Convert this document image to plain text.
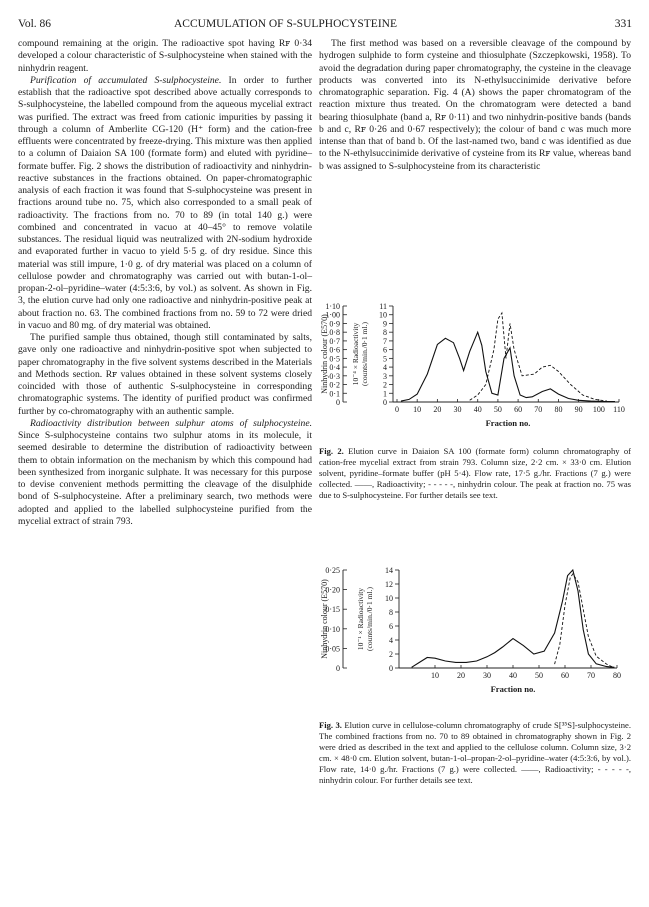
Vol. 86	ACCUMULATION OF S-SULPHOCYSTEINE	331

compound remaining at the origin. The radioactive spot having Rꜰ 0·34 developed a colour characteristic of S-sulphocysteine when stained with the ninhydrin reagent.

Purification of accumulated S-sulphocysteine. In order to further establish that the radioactive spot described above actually corresponds to S-sulphocysteine, the labelled compound from the aqueous mycelial extract was purified. The extract was freed from cationic impurities by passing it through a column of Amberlite CG-120 (H⁺ form) and the cation-free effluents were concentrated by freeze-drying. This mixture was then applied to a column of Daiaion SA 100 (formate form) and eluted with pyridine–formate buffer. Fig. 2 shows the distribution of radioactivity and ninhydrin-reactive substances in the fractions obtained. On paper-chromatographic analysis of each fraction it was found that S-sulphocysteine was present in fractions around tube no. 75, which also corresponded to a small peak of radioactivity. The fractions from no. 70 to 89 (in total 140 g.) were combined and concentrated in vacuo at 40–45° to remove volatile substances. The residual liquid was neutralized with 2N-sodium hydroxide and evaporated further in vacuo to yield 5·5 g. of dry residue. Since this material was still impure, 1·0 g. of dry material was placed on a column of cellulose powder and chromatography was carried out with butan-1-ol–propan-2-ol–pyridine–water (4:5:3:6, by vol.) as solvent. As shown in Fig. 3, the elution curve had only one radioactive and ninhydrin-positive peak at about fraction no. 63. The combined fractions from no. 59 to 72 were dried in vacuo and 80 mg. of dry material was obtained.

The purified sample thus obtained, though still contaminated by salts, gave only one radioactive and ninhydrin-positive spot when subjected to paper chromatography in the five solvent systems described in the Materials and Methods section. Rꜰ values obtained in these solvent systems closely coincided with those of authentic S-sulphocysteine in corresponding chromatographic systems. The identity of purified product was confirmed further by co-chromatography with an authentic sample.

Radioactivity distribution between sulphur atoms of sulphocysteine. Since S-sulphocysteine contains two sulphur atoms in its molecule, it seemed desirable to determine the distribution of radioactivity between them to obtain information on the mechanism by which this compound had been synthesized from inorganic sulphate. It was necessary for this purpose to devise convenient methods permitting the cleavage of the disulphide bond of S-sulphocysteine. After a preliminary search, two methods were adopted and applied to the labelled sulphocysteine purified from the mycelial extract of strain 793.

The first method was based on a reversible cleavage of the compound by hydrogen sulphide to form cysteine and thiosulphate (Szczepkowski, 1958). To avoid the degradation during paper chromatography, the cysteine in the cleavage products was converted into its N-ethylsuccinimide derivative before chromatographic separation. Fig. 4 (A) shows the paper chromatogram of the reaction mixture thus treated. On the chromatogram were detected a band bearing thiosulphate (band a, Rꜰ 0·11) and two ninhydrin-positive bands (bands b and c, Rꜰ 0·26 and 0·67 respectively); the colour of band c was much more intense than that of band b. Of the last-named two, band c was identified as due to the N-ethylsuccinimide derivative of cysteine from its Rꜰ value, whereas band b was assigned to S-sulphocysteine from its characteristic

0
0·1
0·2
0·3
0·4
0·5
0·6
0·7
0·8
0·9
1·00
1·10
Ninhydrin colour (E570)
0
1
2
3
4
5
6
7
8
9
10
11
10⁻⁴ × Radioactivity (counts/min./0·1 ml.)
0 10 20 30 40 50 60 70 80 90 100 110
Fraction no.
Fig. 2. Elution curve in Daiaion SA 100 (formate form) column chromatography of cation-free mycelial extract from strain 793. Column size, 2·2 cm. × 33·0 cm. Elution solvent, pyridine–formate buffer (pH 5·4). Flow rate, 17·5 g./hr. Fractions (7 g.) were collected. ——, Radioactivity; - - - - -, ninhydrin colour. The peak at fraction no. 75 was due to S-sulphocysteine. For further details see text.
0
0·05
0·10
0·15
0·20
0·25
Ninhydrin colour (E570)
0
2
4
6
8
10
12
14
10⁻¹ × Radioactivity (counts/min./0·1 ml.)
10 20 30 40 50 60 70 80
Fraction no.
Fig. 3. Elution curve in cellulose-column chromatography of crude S[³⁵S]-sulphocysteine. The combined fractions from no. 70 to 89 obtained in chromatography shown in Fig. 2 were dried as described in the text and applied to the cellulose column. Column size, 3·2 cm. × 48·0 cm. Elution solvent, butan-1-ol–propan-2-ol–pyridine–water (4:5:3:6, by vol.). Flow rate, 14·0 g./hr. Fractions (7 g.) were collected. ——, Radioactivity; - - - - -, ninhydrin colour. For further details see text.
